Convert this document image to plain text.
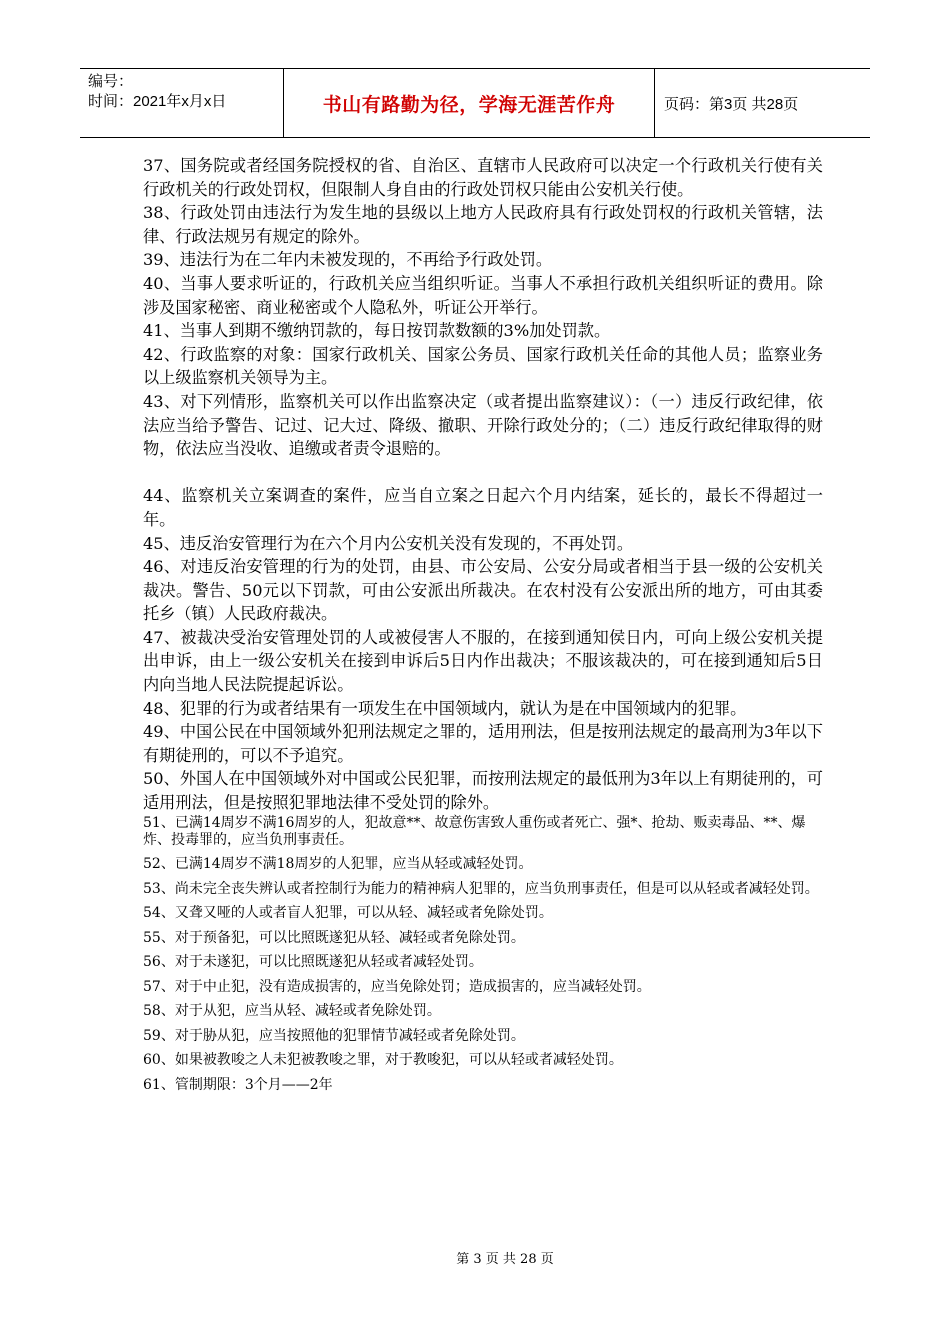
编号：
时间：2021年x月x日	书山有路勤为径，学海无涯苦作舟	页码：第3页 共28页

37、国务院或者经国务院授权的省、自治区、直辖市人民政府可以决定一个行政机关行使有关行政机关的行政处罚权，但限制人身自由的行政处罚权只能由公安机关行使。

38、行政处罚由违法行为发生地的县级以上地方人民政府具有行政处罚权的行政机关管辖，法律、行政法规另有规定的除外。

39、违法行为在二年内未被发现的，不再给予行政处罚。

40、当事人要求听证的，行政机关应当组织听证。当事人不承担行政机关组织听证的费用。除涉及国家秘密、商业秘密或个人隐私外，听证公开举行。

41、当事人到期不缴纳罚款的，每日按罚款数额的3%加处罚款。

42、行政监察的对象：国家行政机关、国家公务员、国家行政机关任命的其他人员；监察业务以上级监察机关领导为主。

43、对下列情形，监察机关可以作出监察决定（或者提出监察建议）：（一）违反行政纪律，依法应当给予警告、记过、记大过、降级、撤职、开除行政处分的；（二）违反行政纪律取得的财物，依法应当没收、追缴或者责令退赔的。

44、监察机关立案调查的案件，应当自立案之日起六个月内结案，延长的，最长不得超过一年。

45、违反治安管理行为在六个月内公安机关没有发现的，不再处罚。

46、对违反治安管理的行为的处罚，由县、市公安局、公安分局或者相当于县一级的公安机关裁决。警告、50元以下罚款，可由公安派出所裁决。在农村没有公安派出所的地方，可由其委托乡（镇）人民政府裁决。

47、被裁决受治安管理处罚的人或被侵害人不服的，在接到通知侯日内，可向上级公安机关提出申诉，由上一级公安机关在接到申诉后5日内作出裁决；不服该裁决的，可在接到通知后5日内向当地人民法院提起诉讼。

48、犯罪的行为或者结果有一项发生在中国领域内，就认为是在中国领域内的犯罪。

49、中国公民在中国领域外犯刑法规定之罪的，适用刑法，但是按刑法规定的最高刑为3年以下有期徒刑的，可以不予追究。

50、外国人在中国领域外对中国或公民犯罪，而按刑法规定的最低刑为3年以上有期徒刑的，可适用刑法，但是按照犯罪地法律不受处罚的除外。

51、已满14周岁不满16周岁的人，犯故意**、故意伤害致人重伤或者死亡、强*、抢劫、贩卖毒品、**、爆炸、投毒罪的，应当负刑事责任。

52、已满14周岁不满18周岁的人犯罪，应当从轻或减轻处罚。

53、尚未完全丧失辨认或者控制行为能力的精神病人犯罪的，应当负刑事责任，但是可以从轻或者减轻处罚。

54、又聋又哑的人或者盲人犯罪，可以从轻、减轻或者免除处罚。

55、对于预备犯，可以比照既遂犯从轻、减轻或者免除处罚。

56、对于未遂犯，可以比照既遂犯从轻或者减轻处罚。

57、对于中止犯，没有造成损害的，应当免除处罚；造成损害的，应当减轻处罚。

58、对于从犯，应当从轻、减轻或者免除处罚。

59、对于胁从犯，应当按照他的犯罪情节减轻或者免除处罚。

60、如果被教唆之人未犯被教唆之罪，对于教唆犯，可以从轻或者减轻处罚。

61、管制期限：3个月——2年

第 3 页 共 28 页
